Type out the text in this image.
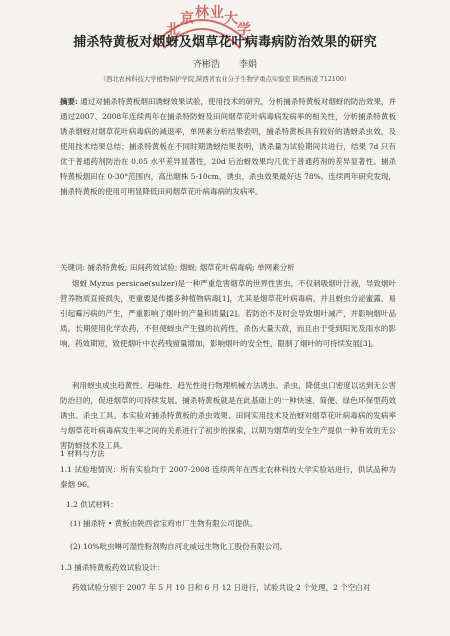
北
京 林 业 大
学
捕杀特黄板对烟蚜及烟草花叶病毒病防治效果的研究
齐彬浩 李娟
（西北农林科技大学植物保护学院,陕西省农业分子生物学重点实验室 陕西杨凌 712100）
摘要: 通过对捕杀特黄板烟田诱蚜效果试验，使用技术的研究，分析捕杀特黄板对烟蚜的防治效果，并通过2007、2008年连续两年在捕杀特防蚜及田间烟草花叶病毒病发病率的相关性，分析捕杀特黄板诱杀烟蚜对烟草花叶病毒病的减退率，单网素分析结果表明，捕杀特黄板具有较好的诱蚜杀虫效，及使用技术结果总结；捕杀特黄板在不同时期诱蚜结果表明，诱杀量为试验期间共进行，结果 7d 只有优于普通药剂防治在 0.05 水平差异显著性，20d 后治蚜效果均几优于普通药剂的差异显著性。捕杀特黄板烟田在 0-30°范围内，高出烟株 5-10cm，诱虫、杀虫效果最好达 78%。连续两年研究发现，捕杀特黄板的使用可明显降低田间烟草花叶病毒病的发病率。
关键词: 捕杀特黄板; 田间药效试验; 烟蚜; 烟草花叶病毒病; 单网素分析
烟蚜 Myzus persicae(sulzer)是一种严重危害烟草的世界性害虫，不仅刺吸烟叶汁液，导致烟叶营养物质直接损失，更重要是传播多种植物病毒[1]，尤其是烟草花叶病毒病，并且蚜虫分泌蜜露，易引起霉污病的产生，严重影响了烟叶的产量和质量[2]。若防治不及时会导致烟叶减产，并影响烟叶品质。长期使用化学农药，不但使蚜虫产生强的抗药性，杀伤大量天敌，而且由于受到阳光及雨水的影响，药效期短，致使烟叶中农药残留量增加，影响烟叶的安全性，限制了烟叶的可持续发展[3]。
利用蚜虫成虫趋黄性、趋味性、趋光性进行物理机械方法诱虫、杀虫，降低虫口密度以达到无公害防治目的，促进烟草的可持续发展。捕杀特黄板就是在此基础上的一种快速、简便、绿色环保型药效诱虫、杀虫工具。本实验对捕杀特黄板的杀虫效果、田间实用技术及治蚜对烟草花叶病毒病的发病率与烟草花叶病毒病发生率之间的关系进行了初步的探索，以期为烟草的安全生产提供一种有效的无公害防蚜技术及工具。
1 材料与方法
1.1 试验地情况：所有实验均于 2007-2008 连续两年在西北农林科技大学实验站进行，供试品种为秦烟 96。
1.2 供试材料：
(1) 捕杀特 • 黄板由陕西省宝鸡市厂生物有限公司提供。
(2) 10%吡虫啉可湿性粉剂购自河北威远生物化工股份有限公司。
1.3 捕杀特黄板药效试验设计：
药效试验分别于 2007 年 5 月 10 日和 6 月 12 日进行，试验共设 2 个处理，2 个空白对
